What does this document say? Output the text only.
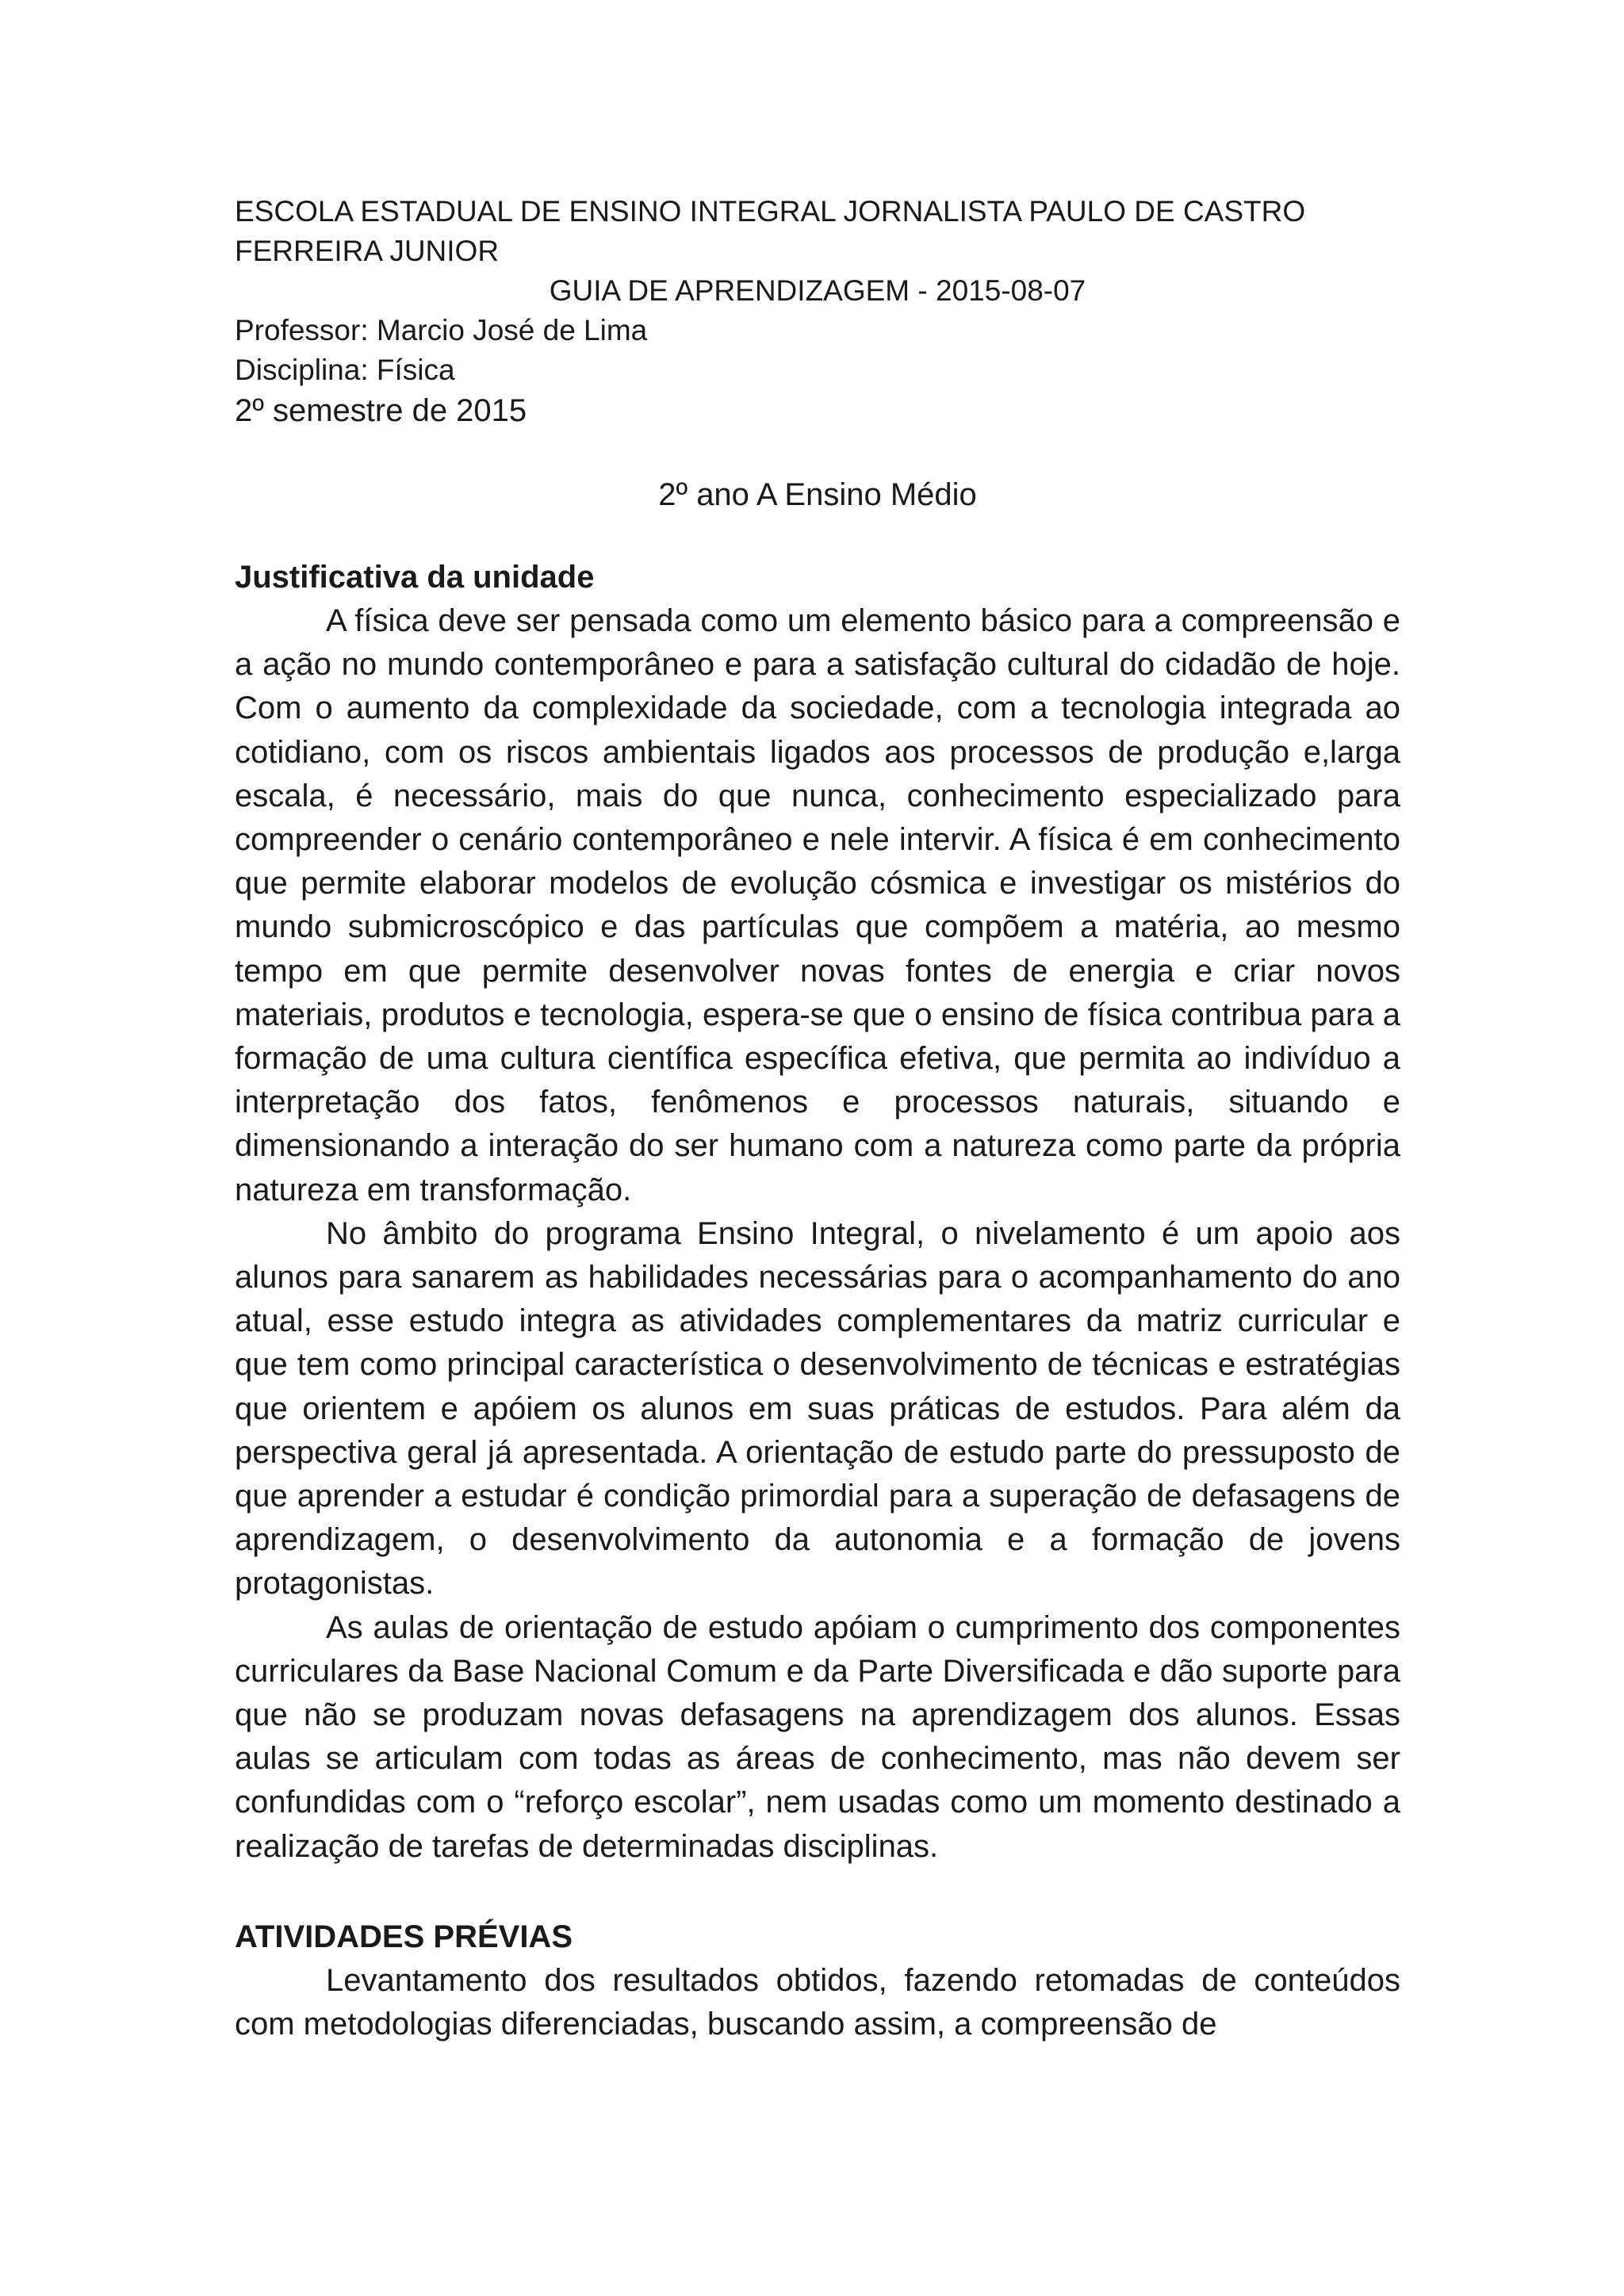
ESCOLA ESTADUAL DE ENSINO INTEGRAL JORNALISTA PAULO DE CASTRO

FERREIRA JUNIOR

GUIA DE APRENDIZAGEM - 2015-08-07

Professor: Marcio José de Lima

Disciplina: Física

2º semestre de 2015

2º ano A Ensino Médio

Justificativa da unidade

A física deve ser pensada como um elemento básico para a compreensão e a ação no mundo contemporâneo e para a satisfação cultural do cidadão de hoje. Com o aumento da complexidade da sociedade, com a tecnologia integrada ao cotidiano, com os riscos ambientais ligados aos processos de produção e,larga escala, é necessário, mais do que nunca, conhecimento especializado para compreender o cenário contemporâneo e nele intervir. A física é em conhecimento que permite elaborar modelos de evolução cósmica e investigar os mistérios do mundo submicroscópico e das partículas que compõem a matéria, ao mesmo tempo em que permite desenvolver novas fontes de energia e criar novos materiais, produtos e tecnologia, espera-se que o ensino de física contribua para a formação de uma cultura científica específica efetiva, que permita ao indivíduo a interpretação dos fatos, fenômenos e processos naturais, situando e dimensionando a interação do ser humano com a natureza como parte da própria natureza em transformação.

No âmbito do programa Ensino Integral, o nivelamento é um apoio aos alunos para sanarem as habilidades necessárias para o acompanhamento do ano atual, esse estudo integra as atividades complementares da matriz curricular e que tem como principal característica o desenvolvimento de técnicas e estratégias que orientem e apóiem os alunos em suas práticas de estudos. Para além da perspectiva geral já apresentada. A orientação de estudo parte do pressuposto de que aprender a estudar é condição primordial para a superação de defasagens de aprendizagem, o desenvolvimento da autonomia e a formação de jovens protagonistas.

As aulas de orientação de estudo apóiam o cumprimento dos componentes curriculares da Base Nacional Comum e da Parte Diversificada e dão suporte para que não se produzam novas defasagens na aprendizagem dos alunos. Essas aulas se articulam com todas as áreas de conhecimento, mas não devem ser confundidas com o “reforço escolar”, nem usadas como um momento destinado a realização de tarefas de determinadas disciplinas.

ATIVIDADES PRÉVIAS

Levantamento dos resultados obtidos, fazendo retomadas de conteúdos com metodologias diferenciadas, buscando assim, a compreensão de
